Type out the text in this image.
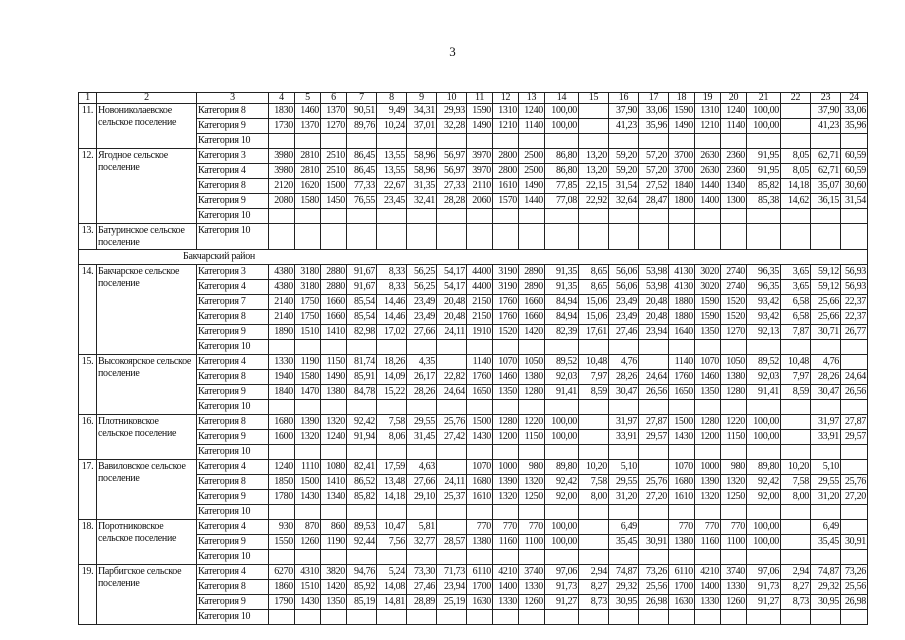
3
1	2	3	4	5	6	7	8	9	10	11	12	13	14	15	16	17	18	19	20	21	22	23	24
11.	Новониколаевское сельское поселение	Категория 8	1830	1460	1370	90,51	9,49	34,31	29,93	1590	1310	1240	100,00		37,90	33,06	1590	1310	1240	100,00		37,90	33,06
		Категория 9	1730	1370	1270	89,76	10,24	37,01	32,28	1490	1210	1140	100,00		41,23	35,96	1490	1210	1140	100,00		41,23	35,96
		Категория 10																					
12.	Ягодное сельское поселение	Категория 3	3980	2810	2510	86,45	13,55	58,96	56,97	3970	2800	2500	86,80	13,20	59,20	57,20	3700	2630	2360	91,95	8,05	62,71	60,59
		Категория 4	3980	2810	2510	86,45	13,55	58,96	56,97	3970	2800	2500	86,80	13,20	59,20	57,20	3700	2630	2360	91,95	8,05	62,71	60,59
		Категория 8	2120	1620	1500	77,33	22,67	31,35	27,33	2110	1610	1490	77,85	22,15	31,54	27,52	1840	1440	1340	85,82	14,18	35,07	30,60
		Категория 9	2080	1580	1450	76,55	23,45	32,41	28,28	2060	1570	1440	77,08	22,92	32,64	28,47	1800	1400	1300	85,38	14,62	36,15	31,54
		Категория 10																					
13.	Батуринское сельское поселение	Категория 10																					
Бакчарский район																							
14.	Бакчарское сельское поселение	Категория 3	4380	3180	2880	91,67	8,33	56,25	54,17	4400	3190	2890	91,35	8,65	56,06	53,98	4130	3020	2740	96,35	3,65	59,12	56,93
		Категория 4	4380	3180	2880	91,67	8,33	56,25	54,17	4400	3190	2890	91,35	8,65	56,06	53,98	4130	3020	2740	96,35	3,65	59,12	56,93
		Категория 7	2140	1750	1660	85,54	14,46	23,49	20,48	2150	1760	1660	84,94	15,06	23,49	20,48	1880	1590	1520	93,42	6,58	25,66	22,37
		Категория 8	2140	1750	1660	85,54	14,46	23,49	20,48	2150	1760	1660	84,94	15,06	23,49	20,48	1880	1590	1520	93,42	6,58	25,66	22,37
		Категория 9	1890	1510	1410	82,98	17,02	27,66	24,11	1910	1520	1420	82,39	17,61	27,46	23,94	1640	1350	1270	92,13	7,87	30,71	26,77
		Категория 10																					
15.	Высокоярское сельское поселение	Категория 4	1330	1190	1150	81,74	18,26	4,35		1140	1070	1050	89,52	10,48	4,76		1140	1070	1050	89,52	10,48	4,76	
		Категория 8	1940	1580	1490	85,91	14,09	26,17	22,82	1760	1460	1380	92,03	7,97	28,26	24,64	1760	1460	1380	92,03	7,97	28,26	24,64
		Категория 9	1840	1470	1380	84,78	15,22	28,26	24,64	1650	1350	1280	91,41	8,59	30,47	26,56	1650	1350	1280	91,41	8,59	30,47	26,56
		Категория 10																					
16.	Плотниковское сельское поселение	Категория 8	1680	1390	1320	92,42	7,58	29,55	25,76	1500	1280	1220	100,00		31,97	27,87	1500	1280	1220	100,00		31,97	27,87
		Категория 9	1600	1320	1240	91,94	8,06	31,45	27,42	1430	1200	1150	100,00		33,91	29,57	1430	1200	1150	100,00		33,91	29,57
		Категория 10																					
17.	Вавиловское сельское поселение	Категория 4	1240	1110	1080	82,41	17,59	4,63		1070	1000	980	89,80	10,20	5,10		1070	1000	980	89,80	10,20	5,10	
		Категория 8	1850	1500	1410	86,52	13,48	27,66	24,11	1680	1390	1320	92,42	7,58	29,55	25,76	1680	1390	1320	92,42	7,58	29,55	25,76
		Категория 9	1780	1430	1340	85,82	14,18	29,10	25,37	1610	1320	1250	92,00	8,00	31,20	27,20	1610	1320	1250	92,00	8,00	31,20	27,20
		Категория 10																					
18.	Поротниковское сельское поселение	Категория 4	930	870	860	89,53	10,47	5,81		770	770	770	100,00		6,49		770	770	770	100,00		6,49	
		Категория 9	1550	1260	1190	92,44	7,56	32,77	28,57	1380	1160	1100	100,00		35,45	30,91	1380	1160	1100	100,00		35,45	30,91
		Категория 10																					
19.	Парбигское сельское поселение	Категория 4	6270	4310	3820	94,76	5,24	73,30	71,73	6110	4210	3740	97,06	2,94	74,87	73,26	6110	4210	3740	97,06	2,94	74,87	73,26
		Категория 8	1860	1510	1420	85,92	14,08	27,46	23,94	1700	1400	1330	91,73	8,27	29,32	25,56	1700	1400	1330	91,73	8,27	29,32	25,56
		Категория 9	1790	1430	1350	85,19	14,81	28,89	25,19	1630	1330	1260	91,27	8,73	30,95	26,98	1630	1330	1260	91,27	8,73	30,95	26,98
		Категория 10																					
